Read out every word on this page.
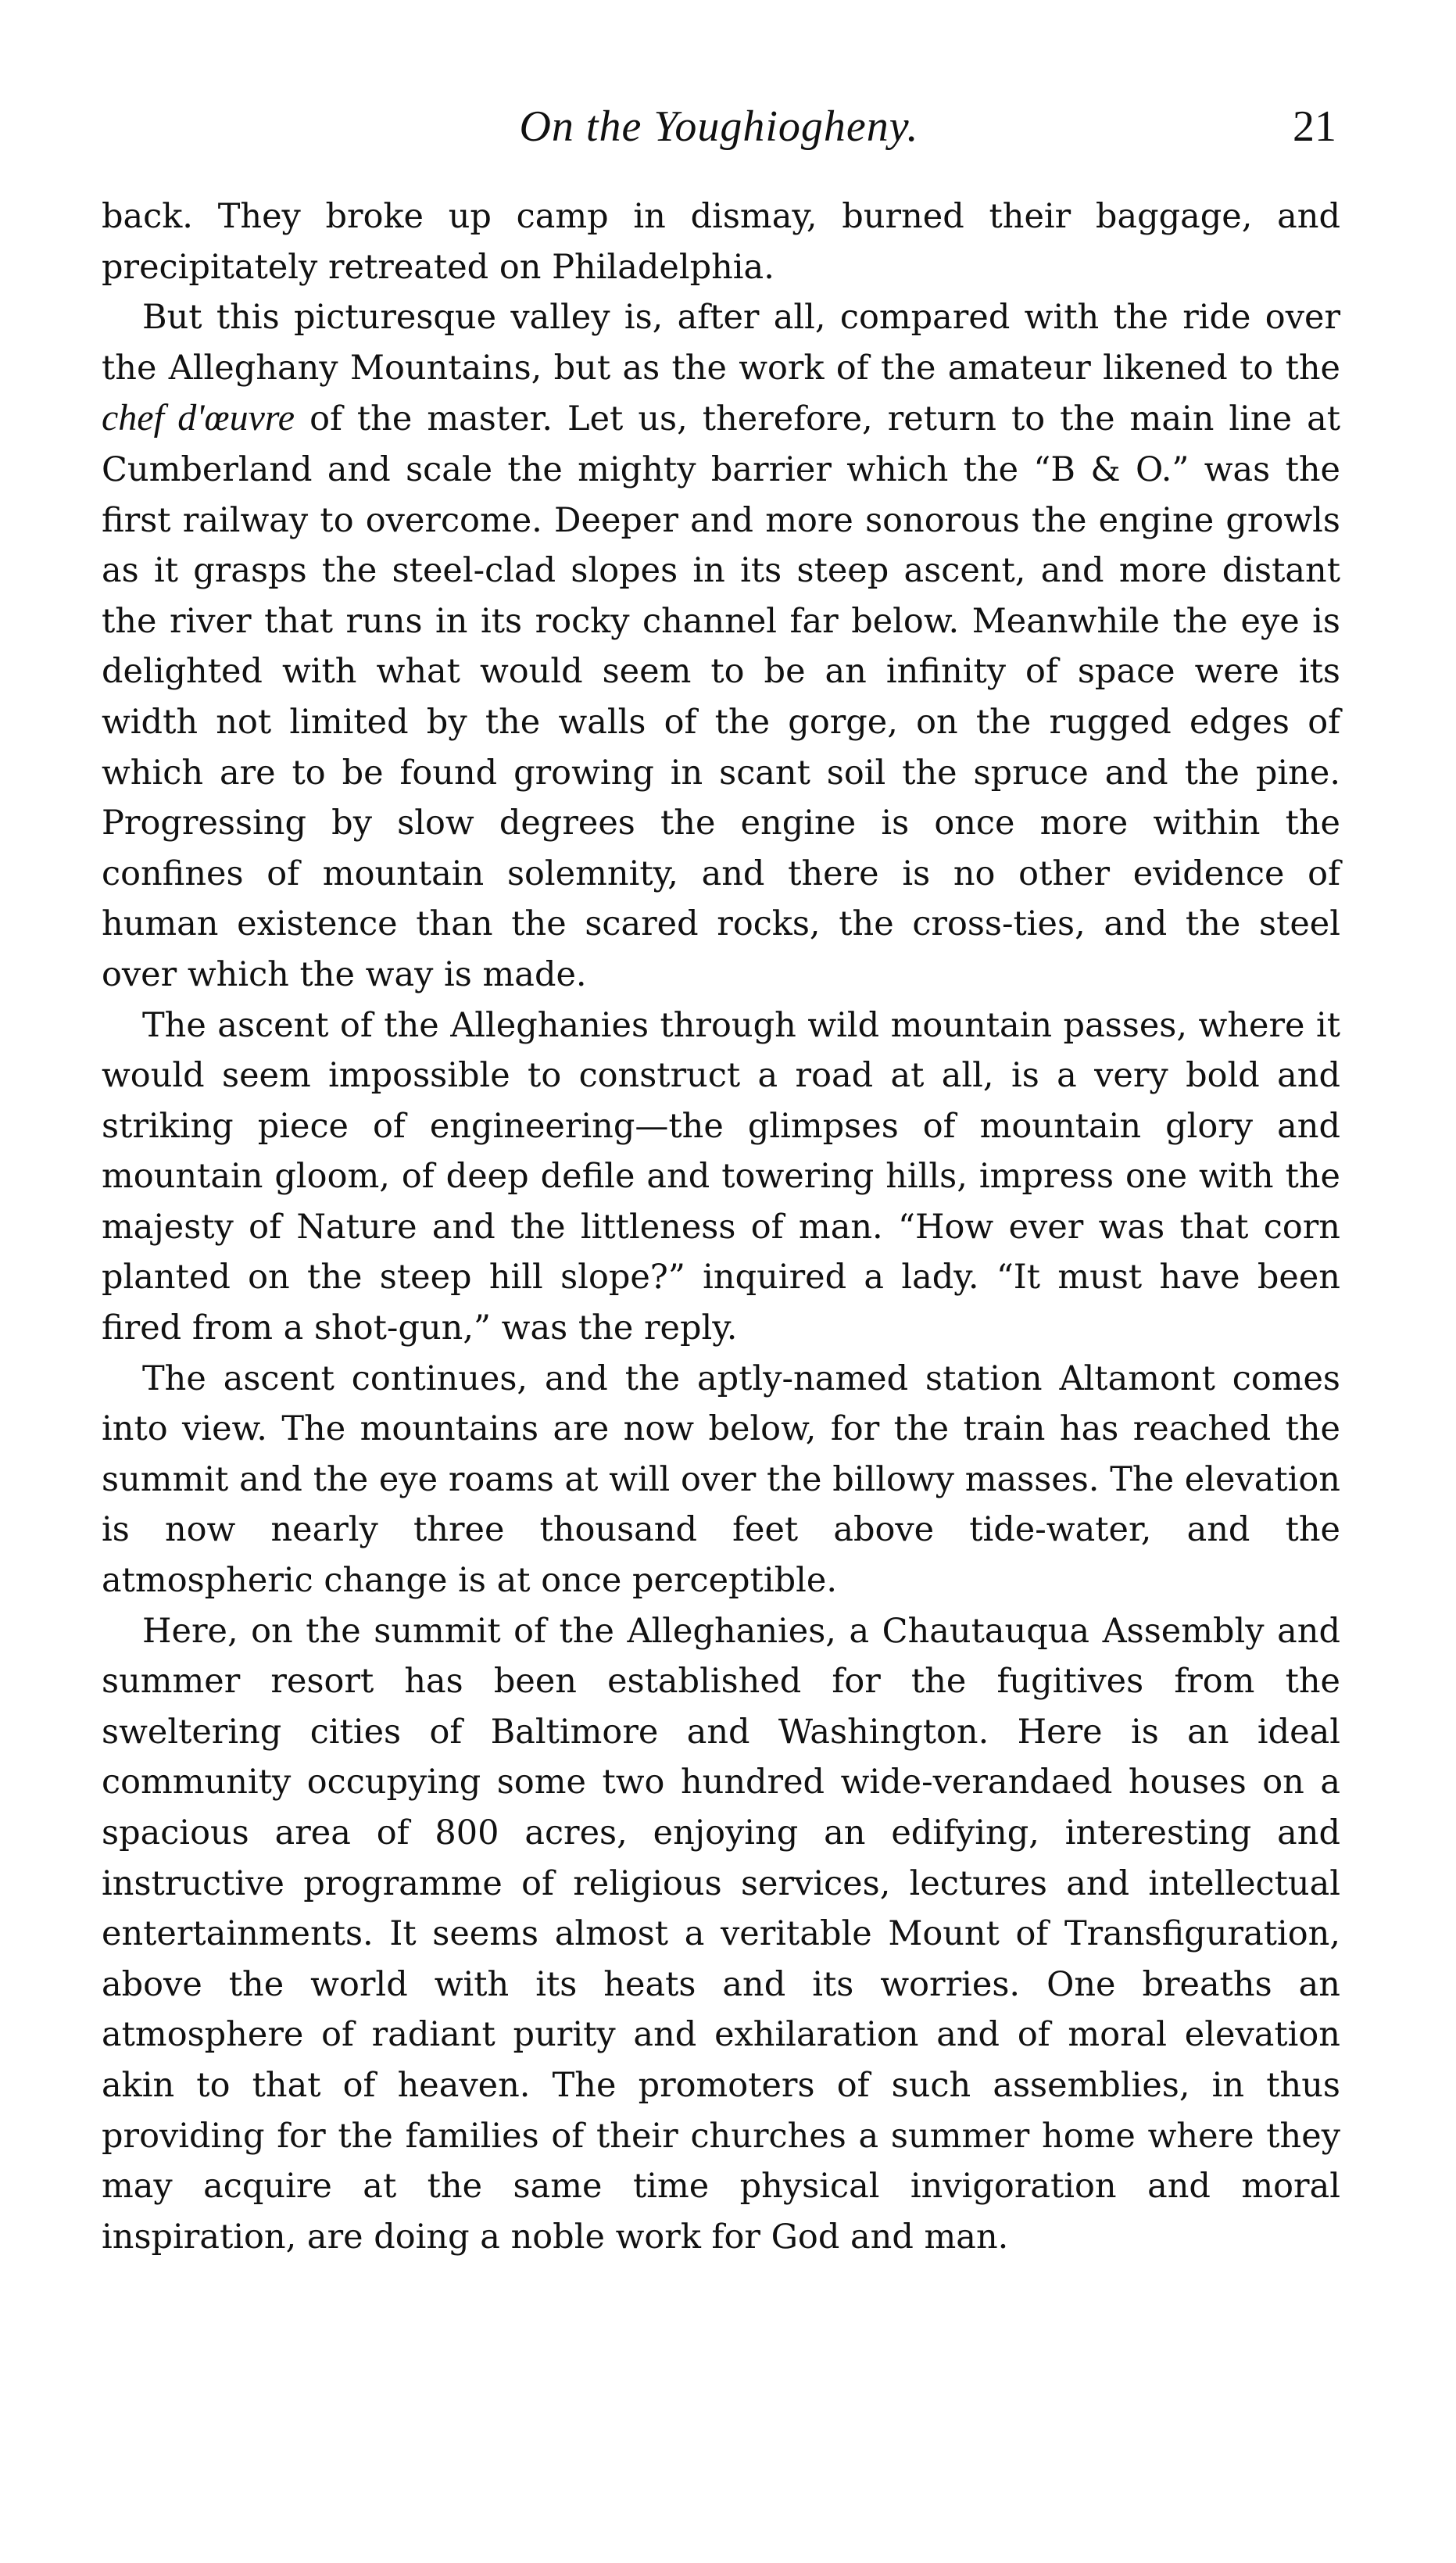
On the Youghiogheny.	21

back. They broke up camp in dismay, burned their baggage, and precipitately retreated on Philadelphia.

But this picturesque valley is, after all, compared with the ride over the Alleghany Mountains, but as the work of the amateur likened to the chef d'œuvre of the master. Let us, therefore, return to the main line at Cumberland and scale the mighty barrier which the “B & O.” was the first railway to overcome. Deeper and more sonorous the engine growls as it grasps the steel-clad slopes in its steep ascent, and more distant the river that runs in its rocky channel far below. Meanwhile the eye is delighted with what would seem to be an infinity of space were its width not limited by the walls of the gorge, on the rugged edges of which are to be found growing in scant soil the spruce and the pine. Progressing by slow degrees the engine is once more within the confines of mountain solemnity, and there is no other evidence of human existence than the scared rocks, the cross-ties, and the steel over which the way is made.

The ascent of the Alleghanies through wild mountain passes, where it would seem impossible to construct a road at all, is a very bold and striking piece of engineering—the glimpses of mountain glory and mountain gloom, of deep defile and towering hills, impress one with the majesty of Nature and the littleness of man. “How ever was that corn planted on the steep hill slope?” inquired a lady. “It must have been fired from a shot-gun,” was the reply.

The ascent continues, and the aptly-named station Altamont comes into view. The mountains are now below, for the train has reached the summit and the eye roams at will over the billowy masses. The elevation is now nearly three thousand feet above tide-water, and the atmospheric change is at once perceptible.

Here, on the summit of the Alleghanies, a Chautauqua Assembly and summer resort has been established for the fugitives from the sweltering cities of Baltimore and Washington. Here is an ideal community occupying some two hundred wide-verandaed houses on a spacious area of 800 acres, enjoying an edifying, interesting and instructive programme of religious services, lectures and intellectual entertainments. It seems almost a veritable Mount of Transfiguration, above the world with its heats and its worries. One breaths an atmosphere of radiant purity and exhilaration and of moral elevation akin to that of heaven. The promoters of such assemblies, in thus providing for the families of their churches a summer home where they may acquire at the same time physical invigoration and moral inspiration, are doing a noble work for God and man.
